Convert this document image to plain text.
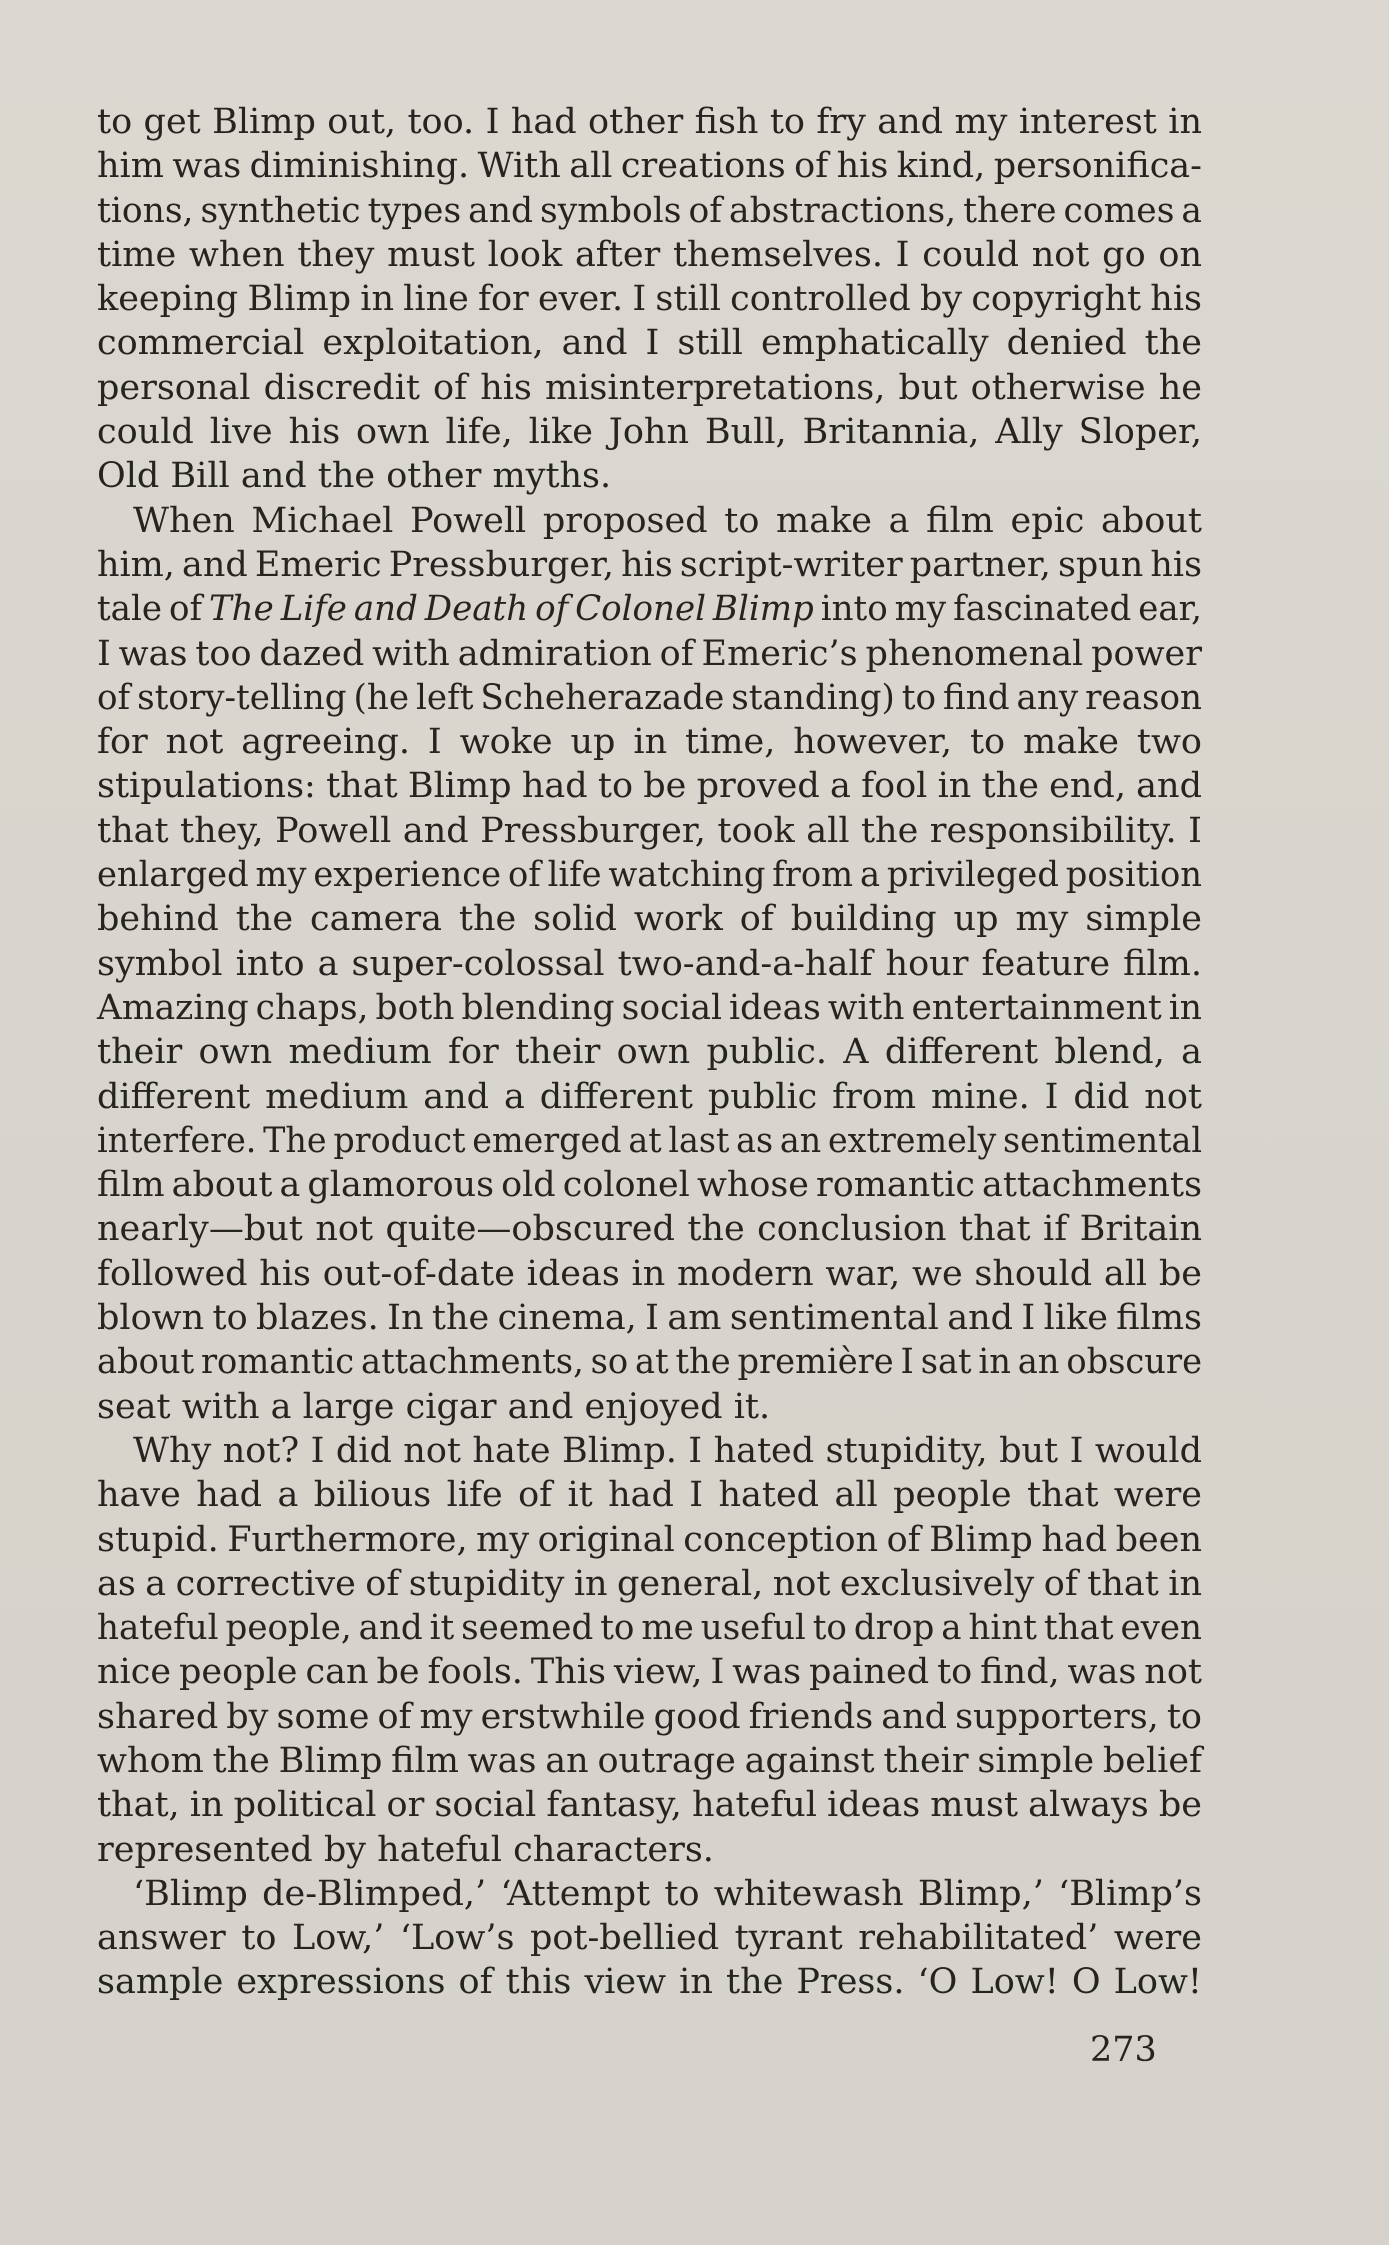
to get Blimp out, too. I had other fish to fry and my interest in
him was diminishing. With all creations of his kind, personifica-
tions, synthetic types and symbols of abstractions, there comes a
time when they must look after themselves. I could not go on
keeping Blimp in line for ever. I still controlled by copyright his
commercial exploitation, and I still emphatically denied the
personal discredit of his misinterpretations, but otherwise he
could live his own life, like John Bull, Britannia, Ally Sloper,
Old Bill and the other myths.
When Michael Powell proposed to make a film epic about
him, and Emeric Pressburger, his script-writer partner, spun his
tale of The Life and Death of Colonel Blimp into my fascinated ear,
I was too dazed with admiration of Emeric’s phenomenal power
of story-telling (he left Scheherazade standing) to find any reason
for not agreeing. I woke up in time, however, to make two
stipulations: that Blimp had to be proved a fool in the end, and
that they, Powell and Pressburger, took all the responsibility. I
enlarged my experience of life watching from a privileged position
behind the camera the solid work of building up my simple
symbol into a super-colossal two-and-a-half hour feature film.
Amazing chaps, both blending social ideas with entertainment in
their own medium for their own public. A different blend, a
different medium and a different public from mine. I did not
interfere. The product emerged at last as an extremely sentimental
film about a glamorous old colonel whose romantic attachments
nearly—but not quite—obscured the conclusion that if Britain
followed his out-of-date ideas in modern war, we should all be
blown to blazes. In the cinema, I am sentimental and I like films
about romantic attachments, so at the première I sat in an obscure
seat with a large cigar and enjoyed it.
Why not? I did not hate Blimp. I hated stupidity, but I would
have had a bilious life of it had I hated all people that were
stupid. Furthermore, my original conception of Blimp had been
as a corrective of stupidity in general, not exclusively of that in
hateful people, and it seemed to me useful to drop a hint that even
nice people can be fools. This view, I was pained to find, was not
shared by some of my erstwhile good friends and supporters, to
whom the Blimp film was an outrage against their simple belief
that, in political or social fantasy, hateful ideas must always be
represented by hateful characters.
‘Blimp de-Blimped,’ ‘Attempt to whitewash Blimp,’ ‘Blimp’s
answer to Low,’ ‘Low’s pot-bellied tyrant rehabilitated’ were
sample expressions of this view in the Press. ‘O Low! O Low!
273
